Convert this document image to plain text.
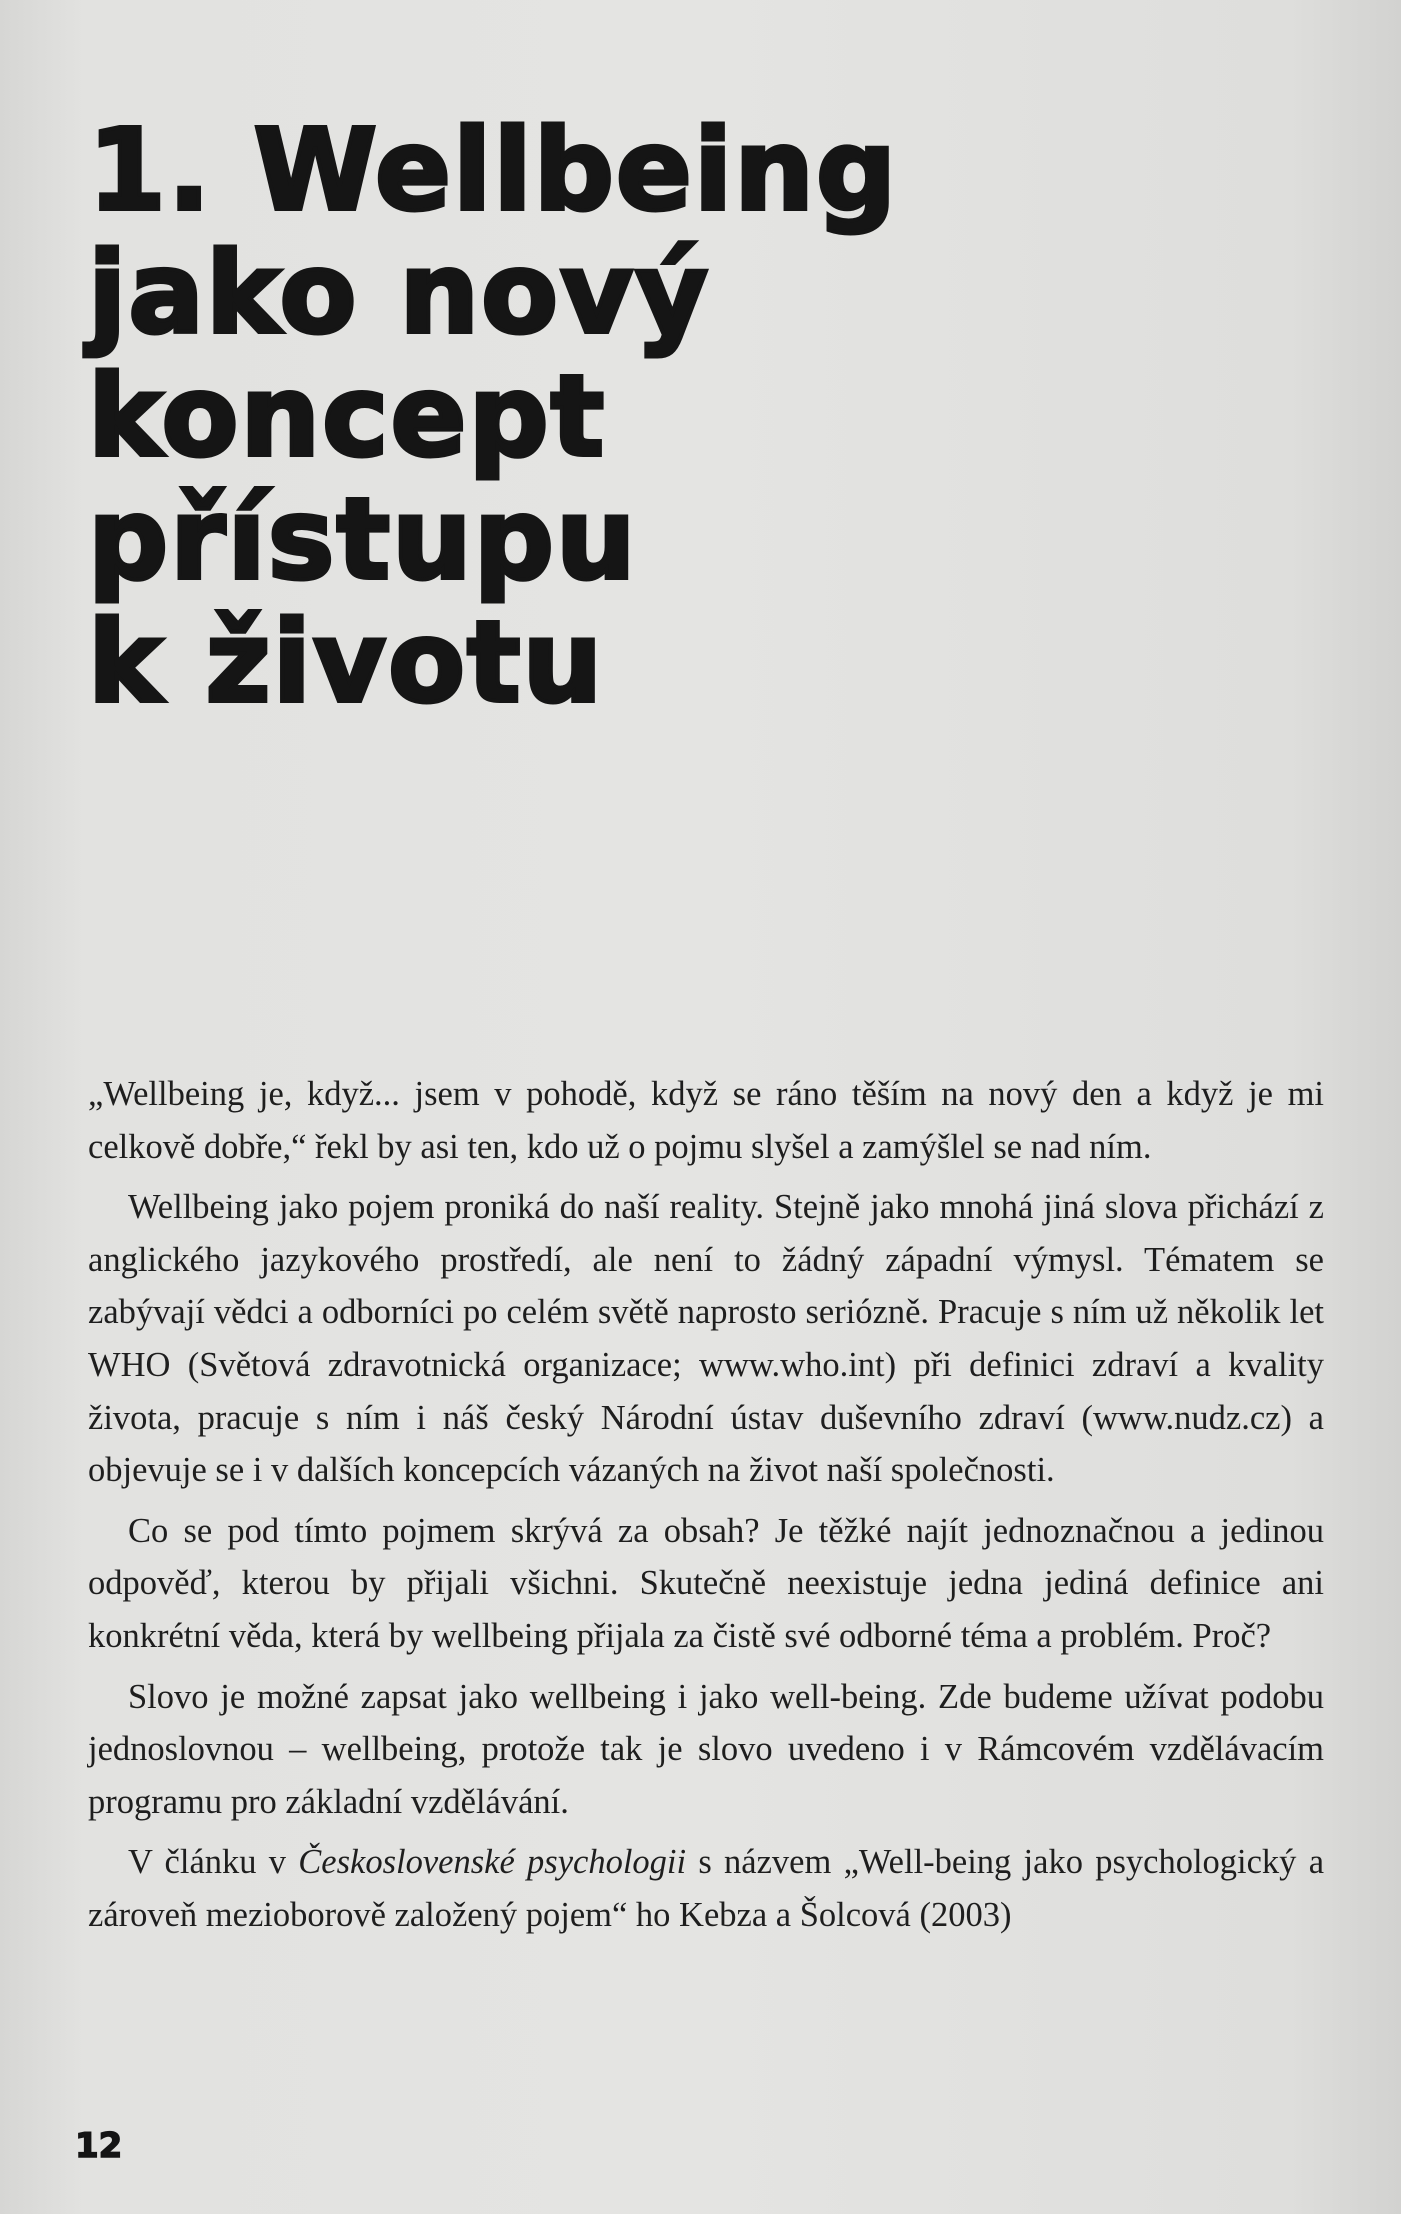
1. Wellbeing
jako nový
koncept
přístupu
k životu

„Wellbeing je, když... jsem v pohodě, když se ráno těším na nový den a když je mi celkově dobře,“ řekl by asi ten, kdo už o pojmu slyšel a zamýšlel se nad ním.

Wellbeing jako pojem proniká do naší reality. Stejně jako mnohá jiná slova přichází z anglického jazykového prostředí, ale není to žádný západní výmysl. Tématem se zabývají vědci a odborníci po celém světě naprosto seriózně. Pracuje s ním už několik let WHO (Světová zdravotnická organizace; www.who.int) při definici zdraví a kvality života, pracuje s ním i náš český Národní ústav duševního zdraví (www.nudz.cz) a objevuje se i v dalších koncepcích vázaných na život naší společnosti.

Co se pod tímto pojmem skrývá za obsah? Je těžké najít jednoznačnou a jedinou odpověď, kterou by přijali všichni. Skutečně neexistuje jedna jediná definice ani konkrétní věda, která by wellbeing přijala za čistě své odborné téma a problém. Proč?

Slovo je možné zapsat jako wellbeing i jako well-being. Zde budeme užívat podobu jednoslovnou – wellbeing, protože tak je slovo uvedeno i v Rámcovém vzdělávacím programu pro základní vzdělávání.

V článku v Československé psychologii s názvem „Well-being jako psychologický a zároveň mezioborově založený pojem“ ho Kebza a Šolcová (2003)

12
